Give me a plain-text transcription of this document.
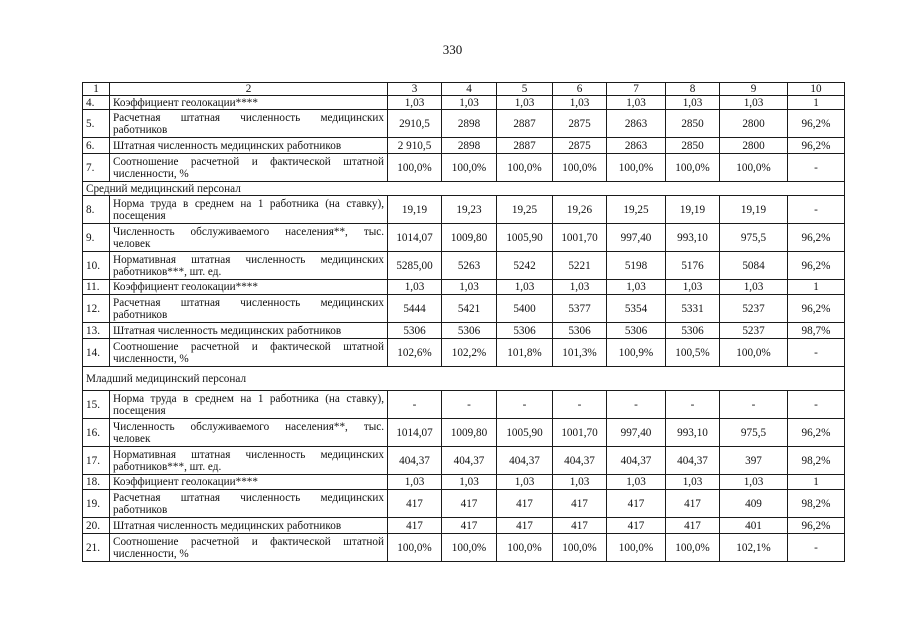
330
1	2	3	4	5	6	7	8	9	10
4.	Коэффициент геолокации****	1,03	1,03	1,03	1,03	1,03	1,03	1,03	1
5.	Расчетная штатная численность медицинских работников	2910,5	2898	2887	2875	2863	2850	2800	96,2%
6.	Штатная численность медицинских работников	2 910,5	2898	2887	2875	2863	2850	2800	96,2%
7.	Соотношение расчетной и фактической штатной численности, %	100,0%	100,0%	100,0%	100,0%	100,0%	100,0%	100,0%	-
Средний медицинский персонал									
8.	Норма труда в среднем на 1 работника (на ставку), посещения	19,19	19,23	19,25	19,26	19,25	19,19	19,19	-
9.	Численность обслуживаемого населения**, тыс. человек	1014,07	1009,80	1005,90	1001,70	997,40	993,10	975,5	96,2%
10.	Нормативная штатная численность медицинских работников***, шт. ед.	5285,00	5263	5242	5221	5198	5176	5084	96,2%
11.	Коэффициент геолокации****	1,03	1,03	1,03	1,03	1,03	1,03	1,03	1
12.	Расчетная штатная численность медицинских работников	5444	5421	5400	5377	5354	5331	5237	96,2%
13.	Штатная численность медицинских работников	5306	5306	5306	5306	5306	5306	5237	98,7%
14.	Соотношение расчетной и фактической штатной численности, %	102,6%	102,2%	101,8%	101,3%	100,9%	100,5%	100,0%	-
Младший медицинский персонал									
15.	Норма труда в среднем на 1 работника (на ставку), посещения	-	-	-	-	-	-	-	-
16.	Численность обслуживаемого населения**, тыс. человек	1014,07	1009,80	1005,90	1001,70	997,40	993,10	975,5	96,2%
17.	Нормативная штатная численность медицинских работников***, шт. ед.	404,37	404,37	404,37	404,37	404,37	404,37	397	98,2%
18.	Коэффициент геолокации****	1,03	1,03	1,03	1,03	1,03	1,03	1,03	1
19.	Расчетная штатная численность медицинских работников	417	417	417	417	417	417	409	98,2%
20.	Штатная численность медицинских работников	417	417	417	417	417	417	401	96,2%
21.	Соотношение расчетной и фактической штатной численности, %	100,0%	100,0%	100,0%	100,0%	100,0%	100,0%	102,1%	-
